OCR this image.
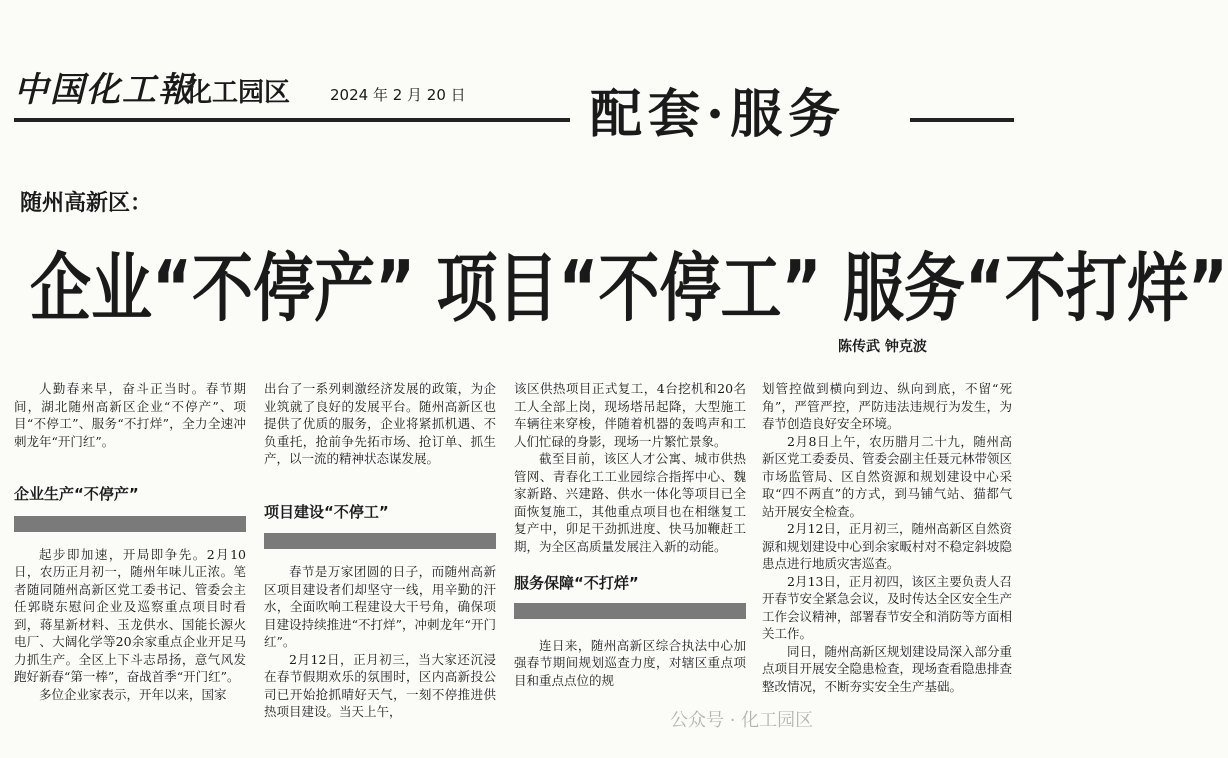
中国化工報
化工园区	2024 年 2 月 20 日 配套·服务
随州高新区：
企业“不停产” 项目“不停工” 服务“不打烊”
陈传武 钟克波

人勤春来早，奋斗正当时。春节期间，湖北随州高新区企业“不停产”、项目“不停工”、服务“不打烊”，全力全速冲刺龙年“开门红”。

企业生产“不停产”

起步即加速，开局即争先。2月10日，农历正月初一，随州年味儿正浓。笔者随同随州高新区党工委书记、管委会主任郭晓东慰问企业及巡察重点项目时看到，蒋星新材料、玉龙供水、国能长源火电厂、大阔化学等20余家重点企业开足马力抓生产。全区上下斗志昂扬，意气风发跑好新春“第一棒”，奋战首季“开门红”。

多位企业家表示，开年以来，国家

出台了一系列刺激经济发展的政策，为企业筑就了良好的发展平台。随州高新区也提供了优质的服务，企业将紧抓机遇、不负重托，抢前争先拓市场、抢订单、抓生产，以一流的精神状态谋发展。

项目建设“不停工”

春节是万家团圆的日子，而随州高新区项目建设者们却坚守一线，用辛勤的汗水，全面吹响工程建设大干号角，确保项目建设持续推进“不打烊”，冲刺龙年“开门红”。

2月12日，正月初三，当大家还沉浸在春节假期欢乐的氛围时，区内高新投公司已开始抢抓晴好天气，一刻不停推进供热项目建设。当天上午，

该区供热项目正式复工，4台挖机和20名工人全部上岗，现场塔吊起降，大型施工车辆往来穿梭，伴随着机器的轰鸣声和工人们忙碌的身影，现场一片繁忙景象。

截至目前，该区人才公寓、城市供热管网、青春化工工业园综合指挥中心、魏家新路、兴建路、供水一体化等项目已全面恢复施工，其他重点项目也在相继复工复产中，卯足干劲抓进度、快马加鞭赶工期，为全区高质量发展注入新的动能。

服务保障“不打烊”

连日来，随州高新区综合执法中心加强春节期间规划巡查力度，对辖区重点项目和重点点位的规

划管控做到横向到边、纵向到底，不留“死角”，严管严控，严防违法违规行为发生，为春节创造良好安全环境。

2月8日上午，农历腊月二十九，随州高新区党工委委员、管委会副主任聂元林带领区市场监管局、区自然资源和规划建设中心采取“四不两直”的方式，到马铺气站、猫都气站开展安全检查。

2月12日，正月初三，随州高新区自然资源和规划建设中心到余家畈村对不稳定斜坡隐患点进行地质灾害巡查。

2月13日，正月初四，该区主要负责人召开春节安全紧急会议，及时传达全区安全生产工作会议精神，部署春节安全和消防等方面相关工作。

同日，随州高新区规划建设局深入部分重点项目开展安全隐患检查，现场查看隐患排查整改情况，不断夯实安全生产基础。

公众号 · 化工园区
